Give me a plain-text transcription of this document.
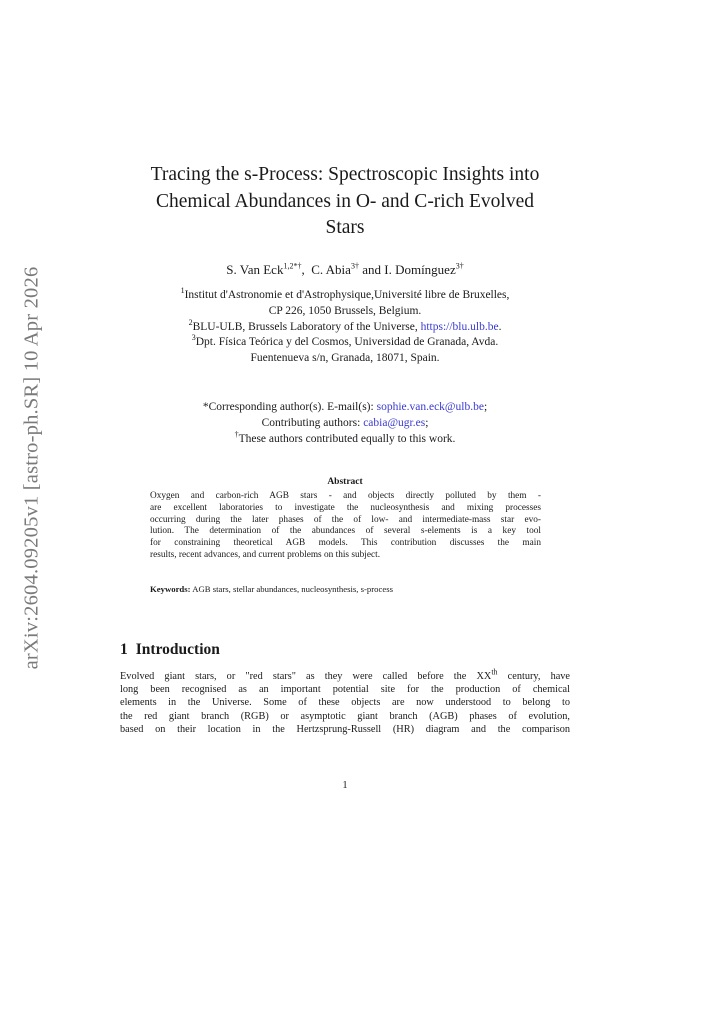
arXiv:2604.09205v1 [astro-ph.SR] 10 Apr 2026
Tracing the s-Process: Spectroscopic Insights into
Chemical Abundances in O- and C-rich Evolved
Stars
S. Van Eck$^{1,2*\dagger}$,  C. Abia$^{3\dagger}$ and I. Domínguez$^{3\dagger}$
$^1$Institut d'Astronomie et d'Astrophysique,Université libre de Bruxelles,
CP 226, 1050 Brussels, Belgium.
$^2$BLU-ULB, Brussels Laboratory of the Universe, https://blu.ulb.be.
$^3$Dpt. Física Teórica y del Cosmos, Universidad de Granada, Avda.
Fuentenueva s/n, Granada, 18071, Spain.
*Corresponding author(s). E-mail(s): sophie.van.eck@ulb.be;
Contributing authors: cabia@ugr.es;
†These authors contributed equally to this work.
Abstract
Oxygen and carbon-rich AGB stars - and objects directly polluted by them -
are excellent laboratories to investigate the nucleosynthesis and mixing processes
occurring during the later phases of the of low- and intermediate-mass star evo-
lution. The determination of the abundances of several s-elements is a key tool
for constraining theoretical AGB models. This contribution discusses the main
results, recent advances, and current problems on this subject.
Keywords: AGB stars, stellar abundances, nucleosynthesis, s-process
1 Introduction
Evolved giant stars, or "red stars" as they were called before the XXth century, have
long been recognised as an important potential site for the production of chemical
elements in the Universe. Some of these objects are now understood to belong to
the red giant branch (RGB) or asymptotic giant branch (AGB) phases of evolution,
based on their location in the Hertzsprung-Russell (HR) diagram and the comparison
1
